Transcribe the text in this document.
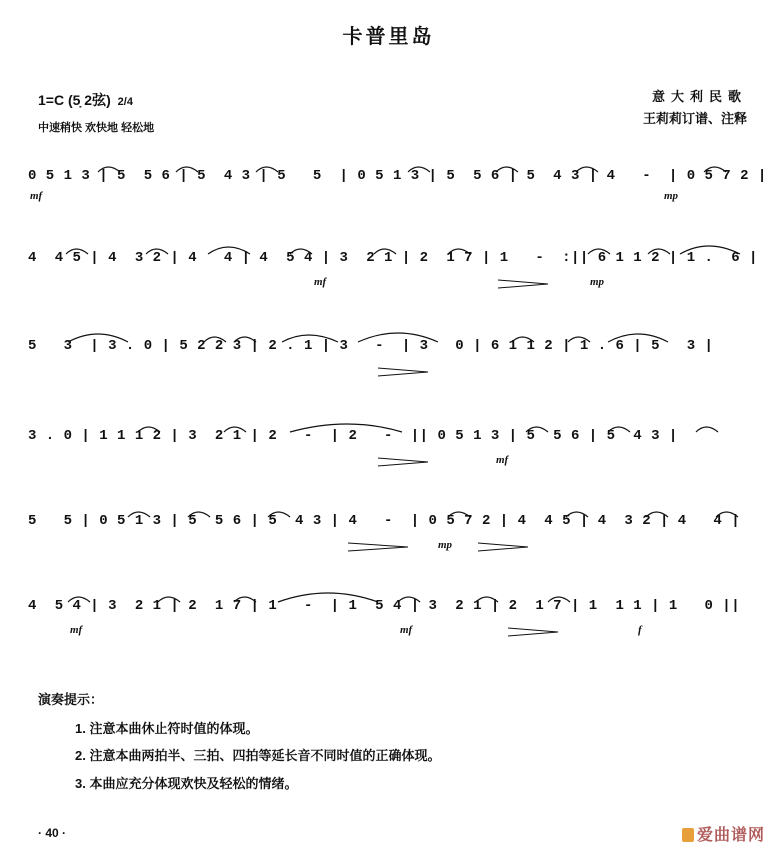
卡普里岛
1=C (5̣ 2弦) 2/4
中速稍快 欢快地 轻松地
意大利民歌
王莉莉订谱、注释
0 5 1 3 | 5  5 6 | 5  4 3 | 5   5  | 0 5 1 3 | 5  5 6 | 5  4 3 | 4   -  | 0 5 7 2 |
mf	mp
4  4 5 | 4  3 2 | 4   4 | 4  5 4 | 3  2 1 | 2  1 7 | 1   -  :|| 6 1 1 2 | 1 .  6 |
mf	mp
5   3  | 3 . 0 | 5 2 2 3 | 2 . 1 | 3   -  | 3   0 | 6 1 1 2 | 1 . 6 | 5   3 |
3 . 0 | 1 1 1 2 | 3  2 1 | 2   -  | 2   -  || 0 5 1 3 | 5  5 6 | 5  4 3 |
mf
5   5 | 0 5 1 3 | 5  5 6 | 5  4 3 | 4   -  | 0 5 7 2 | 4  4 5 | 4  3 2 | 4   4 |
mp
4  5 4 | 3  2 1 | 2  1 7 | 1   -  | 1  5 4 | 3  2 1 | 2  1 7 | 1  1 1 | 1   0 ||
mf	mf	f
演奏提示：
1. 注意本曲休止符时值的体现。
2. 注意本曲两拍半、三拍、四拍等延长音不同时值的正确体现。
3. 本曲应充分体现欢快及轻松的情绪。
· 40 ·	爱曲谱网
